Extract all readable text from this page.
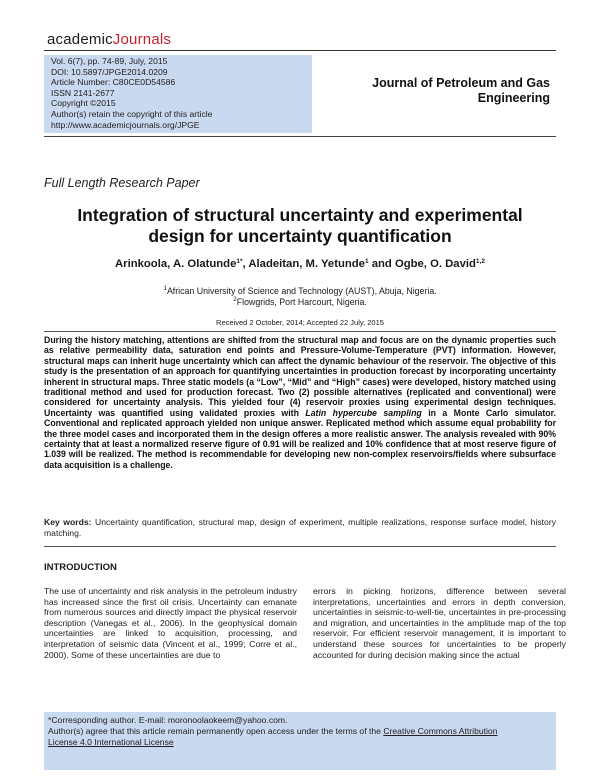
academicJournals
Vol. 6(7), pp. 74-89, July, 2015
DOI: 10.5897/JPGE2014.0209
Article Number: C80CE0D54586
ISSN 2141-2677
Copyright ©2015
Author(s) retain the copyright of this article
http://www.academicjournals.org/JPGE
Journal of Petroleum and Gas
Engineering
Full Length Research Paper
Integration of structural uncertainty and experimental
design for uncertainty quantification
Arinkoola, A. Olatunde$^{1*}$, Aladeitan, M. Yetunde$^1$ and Ogbe, O. David$^{1,2}$
$^1$African University of Science and Technology (AUST), Abuja, Nigeria.
$^2$Flowgrids, Port Harcourt, Nigeria.
Received 2 October, 2014; Accepted 22 July, 2015

During the history matching, attentions are shifted from the structural map and focus are on the dynamic properties such as relative permeability data, saturation end points and Pressure-Volume-Temperature (PVT) information. However, structural maps can inherit huge uncertainty which can affect the dynamic behaviour of the reservoir. The objective of this study is the presentation of an approach for quantifying uncertainties in production forecast by incorporating uncertainty inherent in structural maps. Three static models (a “Low”, “Mid” and “High” cases) were developed, history matched using traditional method and used for production forecast. Two (2) possible alternatives (replicated and conventional) were considered for uncertainty analysis. This yielded four (4) reservoir proxies using experimental design techniques. Uncertainty was quantified using validated proxies with Latin hypercube sampling in a Monte Carlo simulator. Conventional and replicated approach yielded non unique answer. Replicated method which assume equal probability for the three model cases and incorporated them in the design offeres a more realistic answer. The analysis revealed with 90% certainty that at least a normalized reserve figure of 0.91 will be realized and 10% confidence that at most reserve figure of 1.039 will be realized. The method is recommendable for developing new non-complex reservoirs/fields where subsurface data acquisition is a challenge.

Key words: Uncertainty quantification, structural map, design of experiment, multiple realizations, response surface model, history matching.
INTRODUCTION

The use of uncertainty and risk analysis in the petroleum industry has increased since the first oil crisis. Uncertainty can emanate from numerous sources and directly impact the physical reservoir description (Vanegas et al., 2006). In the geophysical domain uncertainties are linked to acquisition, processing, and interpretation of seismic data (Vincent et al., 1999; Corre et al., 2000). Some of these uncertainties are due to

errors in picking horizons, difference between several interpretations, uncertainties and errors in depth conversion, uncertainties in seismic-to-well-tie, uncertaintes in pre-processing and migration, and uncertainties in the amplitude map of the top reservoir. For efficient reservoir management, it is important to understand these sources for uncertainties to be properly accounted for during decision making since the actual

*Corresponding author. E-mail: moronoolaokeem@yahoo.com.
Author(s) agree that this article remain permanently open access under the terms of the Creative Commons Attribution
License 4.0 International License
